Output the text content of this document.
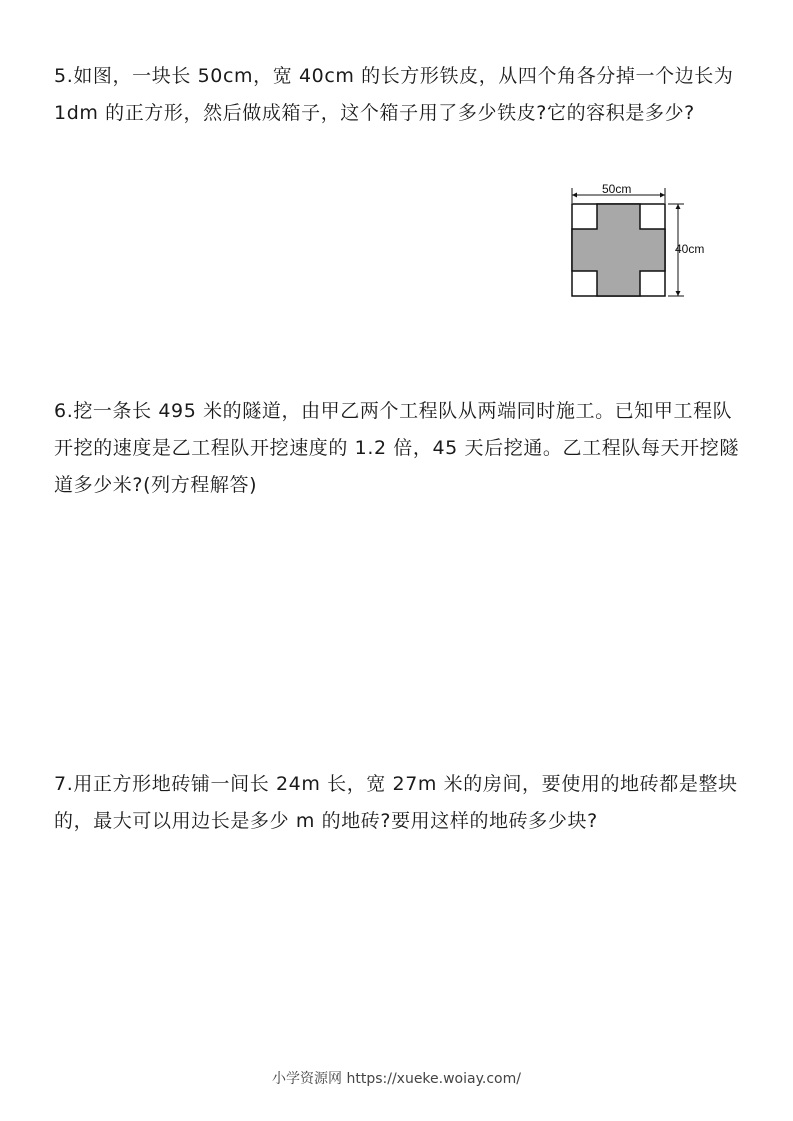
5.如图，一块长 50cm，宽 40cm 的长方形铁皮，从四个角各分掉一个边长为 1dm 的正方形，然后做成箱子，这个箱子用了多少铁皮?它的容积是多少?
50cm
40cm
6.挖一条长 495 米的隧道，由甲乙两个工程队从两端同时施工。已知甲工程队开挖的速度是乙工程队开挖速度的 1.2 倍，45 天后挖通。乙工程队每天开挖隧道多少米?(列方程解答)
7.用正方形地砖铺一间长 24m 长，宽 27m 米的房间，要使用的地砖都是整块的，最大可以用边长是多少 m 的地砖?要用这样的地砖多少块?
小学资源网 https://xueke.woiay.com/
